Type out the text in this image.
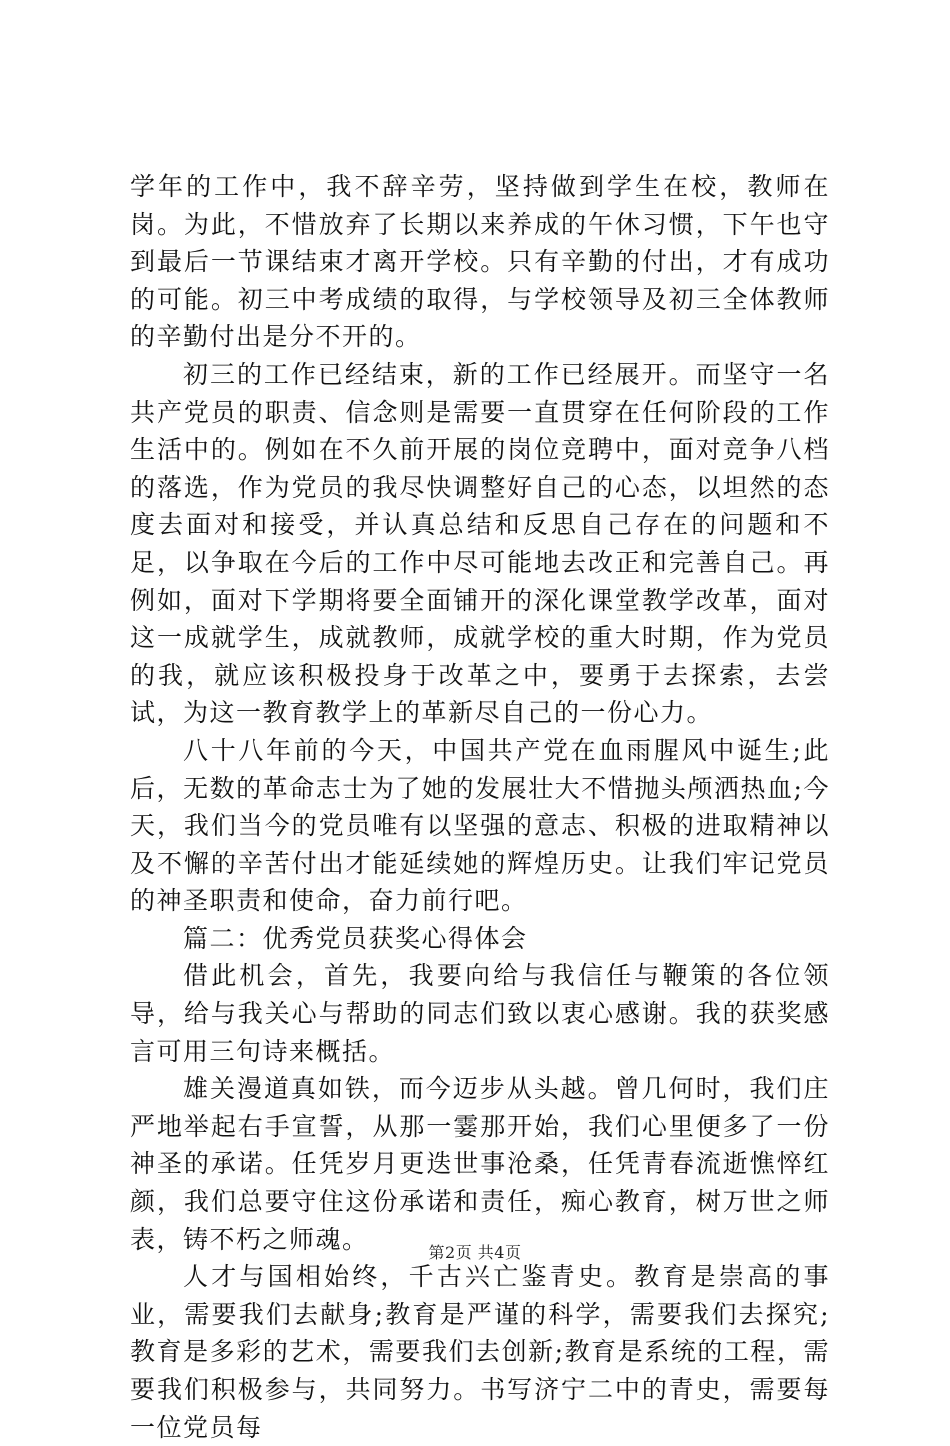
学年的工作中，我不辞辛劳，坚持做到学生在校，教师在岗。为此，不惜放弃了长期以来养成的午休习惯，下午也守到最后一节课结束才离开学校。只有辛勤的付出，才有成功的可能。初三中考成绩的取得，与学校领导及初三全体教师的辛勤付出是分不开的。

初三的工作已经结束，新的工作已经展开。而坚守一名共产党员的职责、信念则是需要一直贯穿在任何阶段的工作生活中的。例如在不久前开展的岗位竞聘中，面对竞争八档的落选，作为党员的我尽快调整好自己的心态，以坦然的态度去面对和接受，并认真总结和反思自己存在的问题和不足，以争取在今后的工作中尽可能地去改正和完善自己。再例如，面对下学期将要全面铺开的深化课堂教学改革，面对这一成就学生，成就教师，成就学校的重大时期，作为党员的我，就应该积极投身于改革之中，要勇于去探索，去尝试，为这一教育教学上的革新尽自己的一份心力。

八十八年前的今天，中国共产党在血雨腥风中诞生;此后，无数的革命志士为了她的发展壮大不惜抛头颅洒热血;今天，我们当今的党员唯有以坚强的意志、积极的进取精神以及不懈的辛苦付出才能延续她的辉煌历史。让我们牢记党员的神圣职责和使命，奋力前行吧。

篇二：优秀党员获奖心得体会

借此机会，首先，我要向给与我信任与鞭策的各位领导，给与我关心与帮助的同志们致以衷心感谢。我的获奖感言可用三句诗来概括。

雄关漫道真如铁，而今迈步从头越。曾几何时，我们庄严地举起右手宣誓，从那一霎那开始，我们心里便多了一份神圣的承诺。任凭岁月更迭世事沧桑，任凭青春流逝憔悴红颜，我们总要守住这份承诺和责任，痴心教育，树万世之师表，铸不朽之师魂。

人才与国相始终，千古兴亡鉴青史。教育是崇高的事业，需要我们去献身;教育是严谨的科学，需要我们去探究;教育是多彩的艺术，需要我们去创新;教育是系统的工程，需要我们积极参与，共同努力。书写济宁二中的青史，需要每一位党员每

第2页 共4页
